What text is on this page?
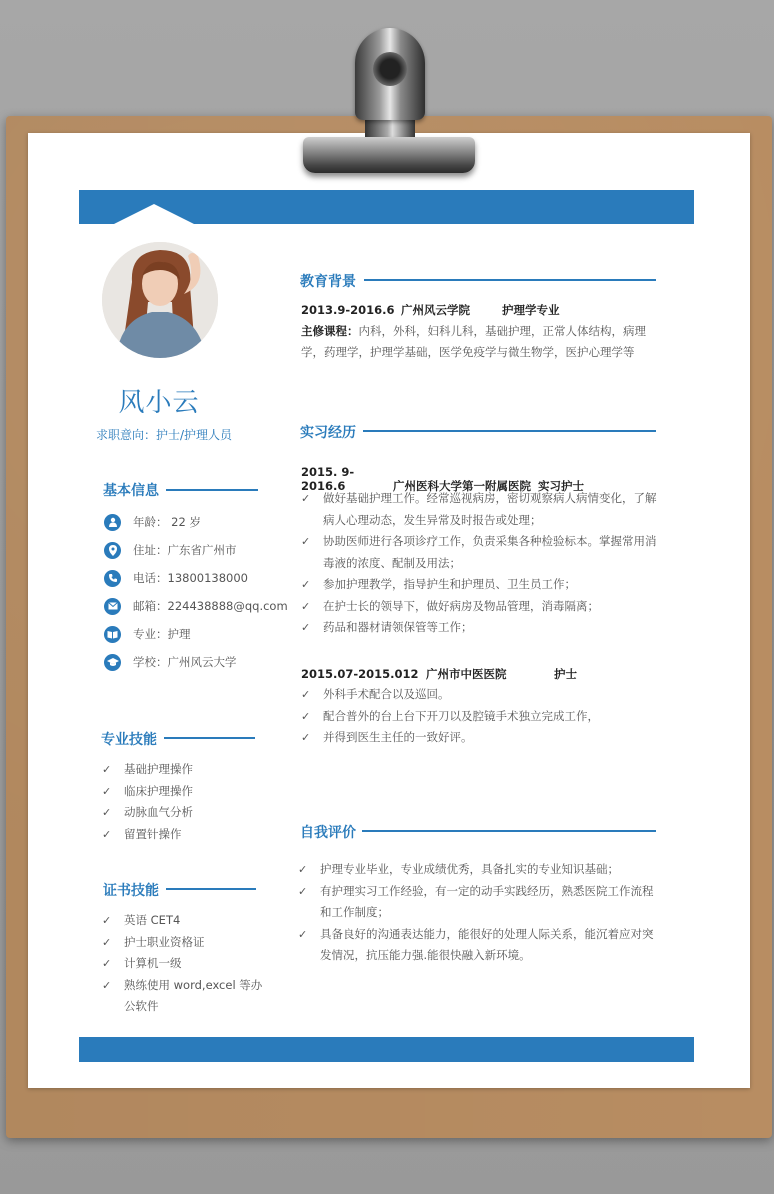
风小云
求职意向：护士/护理人员
基本信息
年龄： 22 岁
住址：广东省广州市
电话：13800138000
邮箱：224438888@qq.com
专业：护理
学校：广州风云大学
专业技能
✓ 基础护理操作
✓ 临床护理操作
✓ 动脉血气分析
✓ 留置针操作
证书技能
✓ 英语 CET4
✓ 护士职业资格证
✓ 计算机一级
✓ 熟练使用 word,excel 等办公软件
教育背景
2013.9-2016.6 广州风云学院	护理学专业
主修课程：内科，外科，妇科儿科，基础护理，正常人体结构，病理学，药理学，护理学基础，医学免疫学与微生物学，医护心理学等
实习经历
2015. 9-2016.6	广州医科大学第一附属医院 实习护士
✓ 做好基础护理工作。经常巡视病房，密切观察病人病情变化，了解病人心理动态，发生异常及时报告或处理；
✓ 协助医师进行各项诊疗工作，负责采集各种检验标本。掌握常用消毒液的浓度、配制及用法；
✓ 参加护理教学，指导护生和护理员、卫生员工作；
✓ 在护士长的领导下，做好病房及物品管理，消毒隔离；
✓ 药品和器材请领保管等工作；
2015.07-2015.012 广州市中医医院	护士
✓ 外科手术配合以及巡回。
✓ 配合普外的台上台下开刀以及腔镜手术独立完成工作，
✓ 并得到医生主任的一致好评。
自我评价
✓ 护理专业毕业，专业成绩优秀，具备扎实的专业知识基础；
✓ 有护理实习工作经验，有一定的动手实践经历，熟悉医院工作流程和工作制度；
✓ 具备良好的沟通表达能力，能很好的处理人际关系，能沉着应对突发情况，抗压能力强.能很快融入新环境。
